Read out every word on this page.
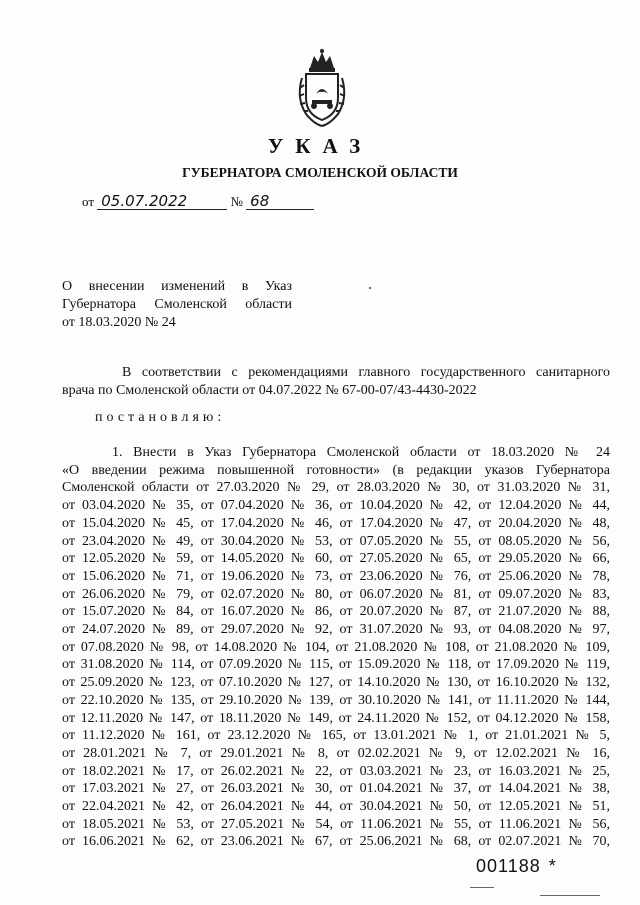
УКАЗ
ГУБЕРНАТОРА СМОЛЕНСКОЙ ОБЛАСТИ
от 05.07.2022	№ 68
О внесении изменений в Указ
Губернатора Смоленской области
от 18.03.2020 № 24
В соответствии с рекомендациями главного государственного санитарного
врача по Смоленской области от 04.07.2022 № 67-00-07/43-4430-2022
постановляю:
1. Внести в Указ Губернатора Смоленской области от 18.03.2020 № 24
«О введении режима повышенной готовности» (в редакции указов Губернатора
Смоленской области от 27.03.2020 № 29, от 28.03.2020 № 30, от 31.03.2020 № 31,
от 03.04.2020 № 35, от 07.04.2020 № 36, от 10.04.2020 № 42, от 12.04.2020 № 44,
от 15.04.2020 № 45, от 17.04.2020 № 46, от 17.04.2020 № 47, от 20.04.2020 № 48,
от 23.04.2020 № 49, от 30.04.2020 № 53, от 07.05.2020 № 55, от 08.05.2020 № 56,
от 12.05.2020 № 59, от 14.05.2020 № 60, от 27.05.2020 № 65, от 29.05.2020 № 66,
от 15.06.2020 № 71, от 19.06.2020 № 73, от 23.06.2020 № 76, от 25.06.2020 № 78,
от 26.06.2020 № 79, от 02.07.2020 № 80, от 06.07.2020 № 81, от 09.07.2020 № 83,
от 15.07.2020 № 84, от 16.07.2020 № 86, от 20.07.2020 № 87, от 21.07.2020 № 88,
от 24.07.2020 № 89, от 29.07.2020 № 92, от 31.07.2020 № 93, от 04.08.2020 № 97,
от 07.08.2020 № 98, от 14.08.2020 № 104, от 21.08.2020 № 108, от 21.08.2020 № 109,
от 31.08.2020 № 114, от 07.09.2020 № 115, от 15.09.2020 № 118, от 17.09.2020 № 119,
от 25.09.2020 № 123, от 07.10.2020 № 127, от 14.10.2020 № 130, от 16.10.2020 № 132,
от 22.10.2020 № 135, от 29.10.2020 № 139, от 30.10.2020 № 141, от 11.11.2020 № 144,
от 12.11.2020 № 147, от 18.11.2020 № 149, от 24.11.2020 № 152, от 04.12.2020 № 158,
от 11.12.2020 № 161, от 23.12.2020 № 165, от 13.01.2021 № 1, от 21.01.2021 № 5,
от 28.01.2021 № 7, от 29.01.2021 № 8, от 02.02.2021 № 9, от 12.02.2021 № 16,
от 18.02.2021 № 17, от 26.02.2021 № 22, от 03.03.2021 № 23, от 16.03.2021 № 25,
от 17.03.2021 № 27, от 26.03.2021 № 30, от 01.04.2021 № 37, от 14.04.2021 № 38,
от 22.04.2021 № 42, от 26.04.2021 № 44, от 30.04.2021 № 50, от 12.05.2021 № 51,
от 18.05.2021 № 53, от 27.05.2021 № 54, от 11.06.2021 № 55, от 11.06.2021 № 56,
от 16.06.2021 № 62, от 23.06.2021 № 67, от 25.06.2021 № 68, от 02.07.2021 № 70,
001188 *
